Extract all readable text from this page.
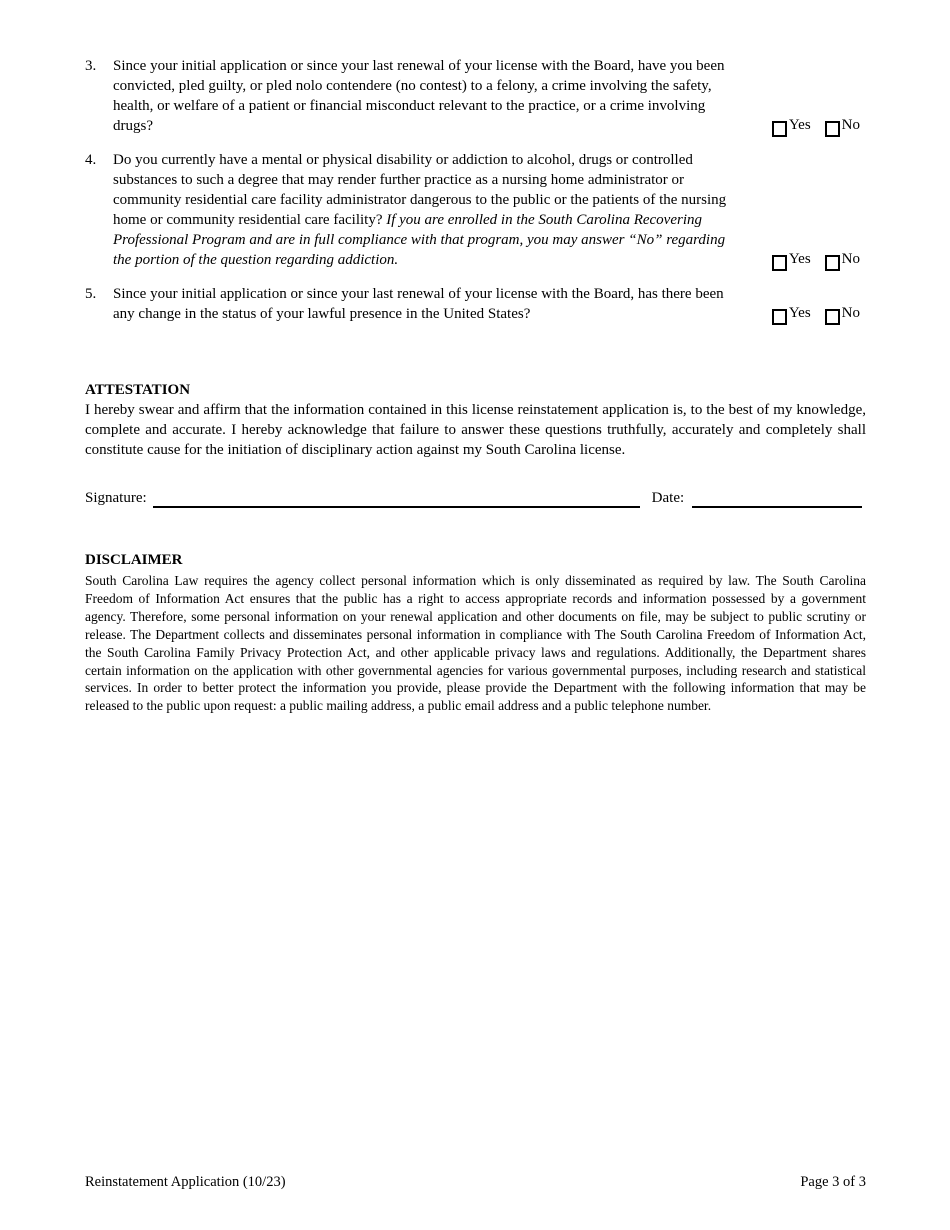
3.	Since your initial application or since your last renewal of your license with the Board, have you been convicted, pled guilty, or pled nolo contendere (no contest) to a felony, a crime involving the safety, health, or welfare of a patient or financial misconduct relevant to the practice, or a crime involving drugs?	Yes No
4.	Do you currently have a mental or physical disability or addiction to alcohol, drugs or controlled substances to such a degree that may render further practice as a nursing home administrator or community residential care facility administrator dangerous to the public or the patients of the nursing home or community residential care facility? If you are enrolled in the South Carolina Recovering Professional Program and are in full compliance with that program, you may answer “No” regarding the portion of the question regarding addiction.	Yes No
5.	Since your initial application or since your last renewal of your license with the Board, has there been any change in the status of your lawful presence in the United States?	Yes No
ATTESTATION
I hereby swear and affirm that the information contained in this license reinstatement application is, to the best of my knowledge, complete and accurate. I hereby acknowledge that failure to answer these questions truthfully, accurately and completely shall constitute cause for the initiation of disciplinary action against my South Carolina license.
Signature:	Date:
DISCLAIMER
South Carolina Law requires the agency collect personal information which is only disseminated as required by law. The South Carolina Freedom of Information Act ensures that the public has a right to access appropriate records and information possessed by a government agency. Therefore, some personal information on your renewal application and other documents on file, may be subject to public scrutiny or release. The Department collects and disseminates personal information in compliance with The South Carolina Freedom of Information Act, the South Carolina Family Privacy Protection Act, and other applicable privacy laws and regulations. Additionally, the Department shares certain information on the application with other governmental agencies for various governmental purposes, including research and statistical services. In order to better protect the information you provide, please provide the Department with the following information that may be released to the public upon request: a public mailing address, a public email address and a public telephone number.
Reinstatement Application (10/23)	Page 3 of 3
